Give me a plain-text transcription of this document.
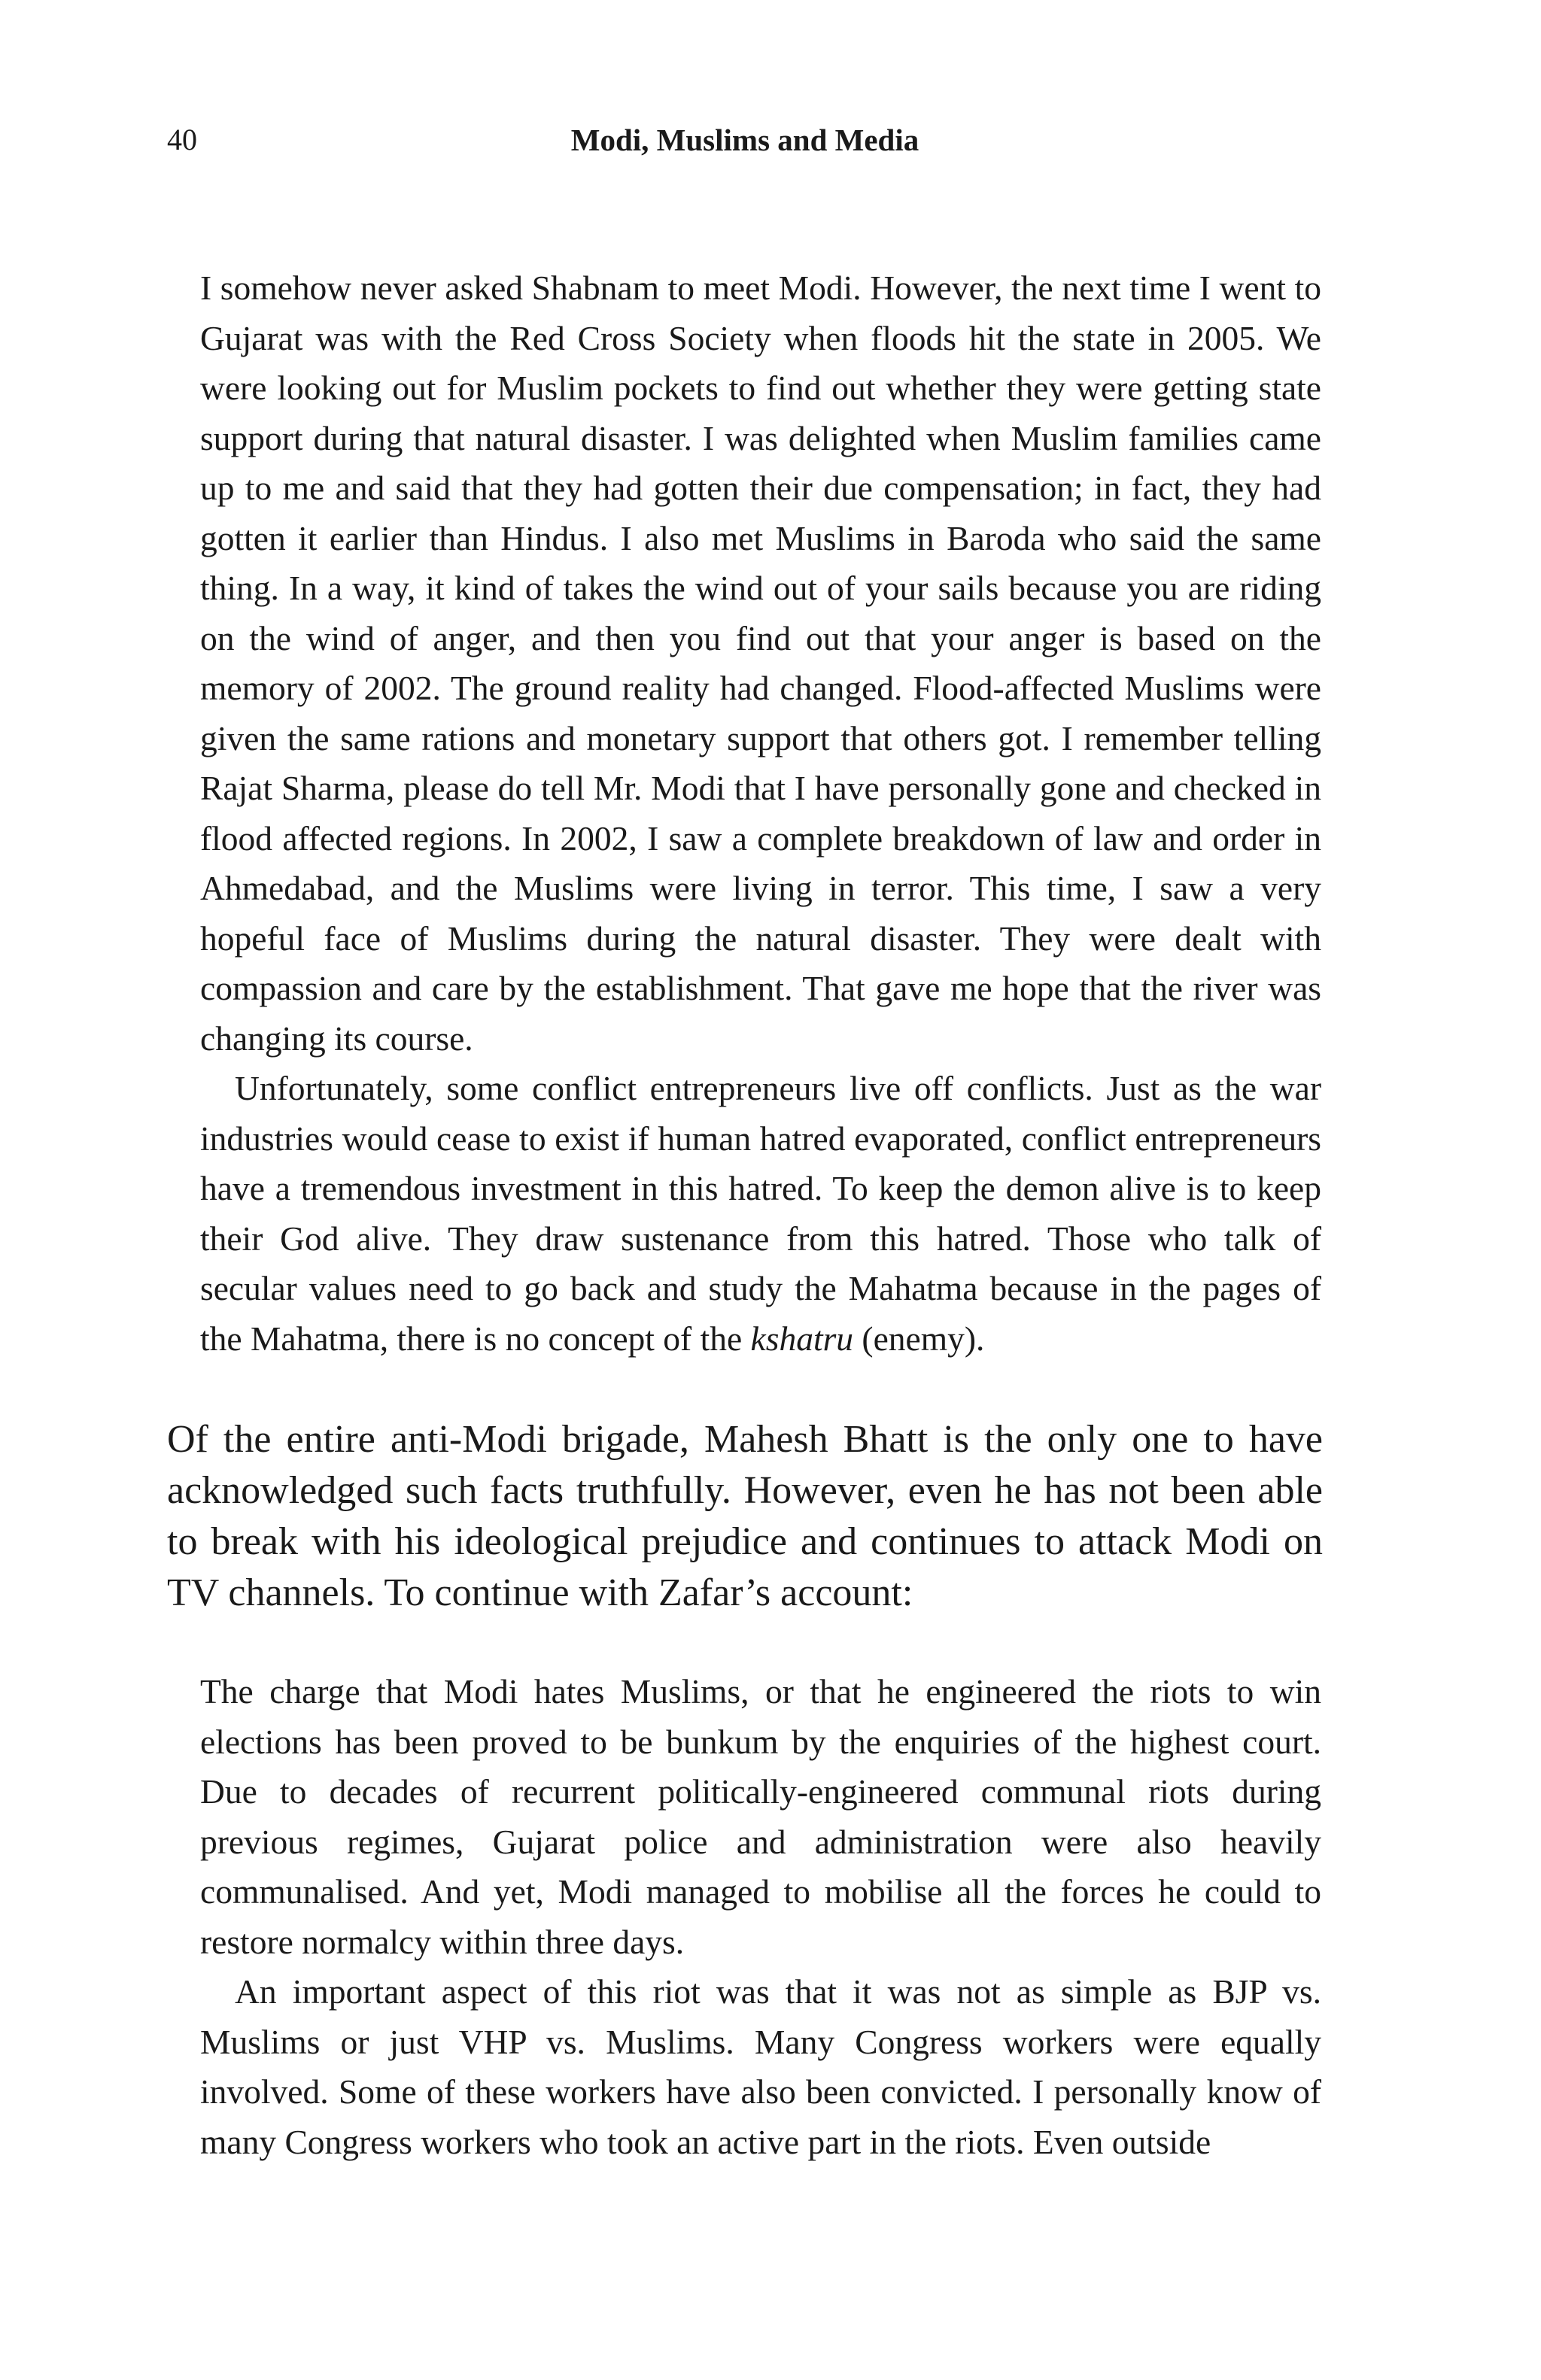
40	Modi, Muslims and Media

I somehow never asked Shabnam to meet Modi. However, the next time I went to Gujarat was with the Red Cross Society when floods hit the state in 2005. We were looking out for Muslim pockets to find out whether they were getting state support during that natural disaster. I was delighted when Muslim families came up to me and said that they had gotten their due compensation; in fact, they had gotten it earlier than Hindus. I also met Muslims in Baroda who said the same thing. In a way, it kind of takes the wind out of your sails because you are riding on the wind of anger, and then you find out that your anger is based on the memory of 2002. The ground reality had changed. Flood-affected Muslims were given the same rations and monetary support that others got. I remember telling Rajat Sharma, please do tell Mr. Modi that I have personally gone and checked in flood affected regions. In 2002, I saw a complete breakdown of law and order in Ahmedabad, and the Muslims were living in terror. This time, I saw a very hopeful face of Muslims during the natural disaster. They were dealt with compassion and care by the establishment. That gave me hope that the river was changing its course.

Unfortunately, some conflict entrepreneurs live off conflicts. Just as the war industries would cease to exist if human hatred evaporated, conflict entrepreneurs have a tremendous investment in this hatred. To keep the demon alive is to keep their God alive. They draw sustenance from this hatred. Those who talk of secular values need to go back and study the Mahatma because in the pages of the Mahatma, there is no concept of the kshatru (enemy).

Of the entire anti-Modi brigade, Mahesh Bhatt is the only one to have acknowledged such facts truthfully. However, even he has not been able to break with his ideological prejudice and continues to attack Modi on TV channels. To continue with Zafar’s account:

The charge that Modi hates Muslims, or that he engineered the riots to win elections has been proved to be bunkum by the enquiries of the highest court. Due to decades of recurrent politically-engineered communal riots during previous regimes, Gujarat police and administration were also heavily communalised. And yet, Modi managed to mobilise all the forces he could to restore normalcy within three days.

An important aspect of this riot was that it was not as simple as BJP vs. Muslims or just VHP vs. Muslims. Many Congress workers were equally involved. Some of these workers have also been convicted. I personally know of many Congress workers who took an active part in the riots. Even outside
